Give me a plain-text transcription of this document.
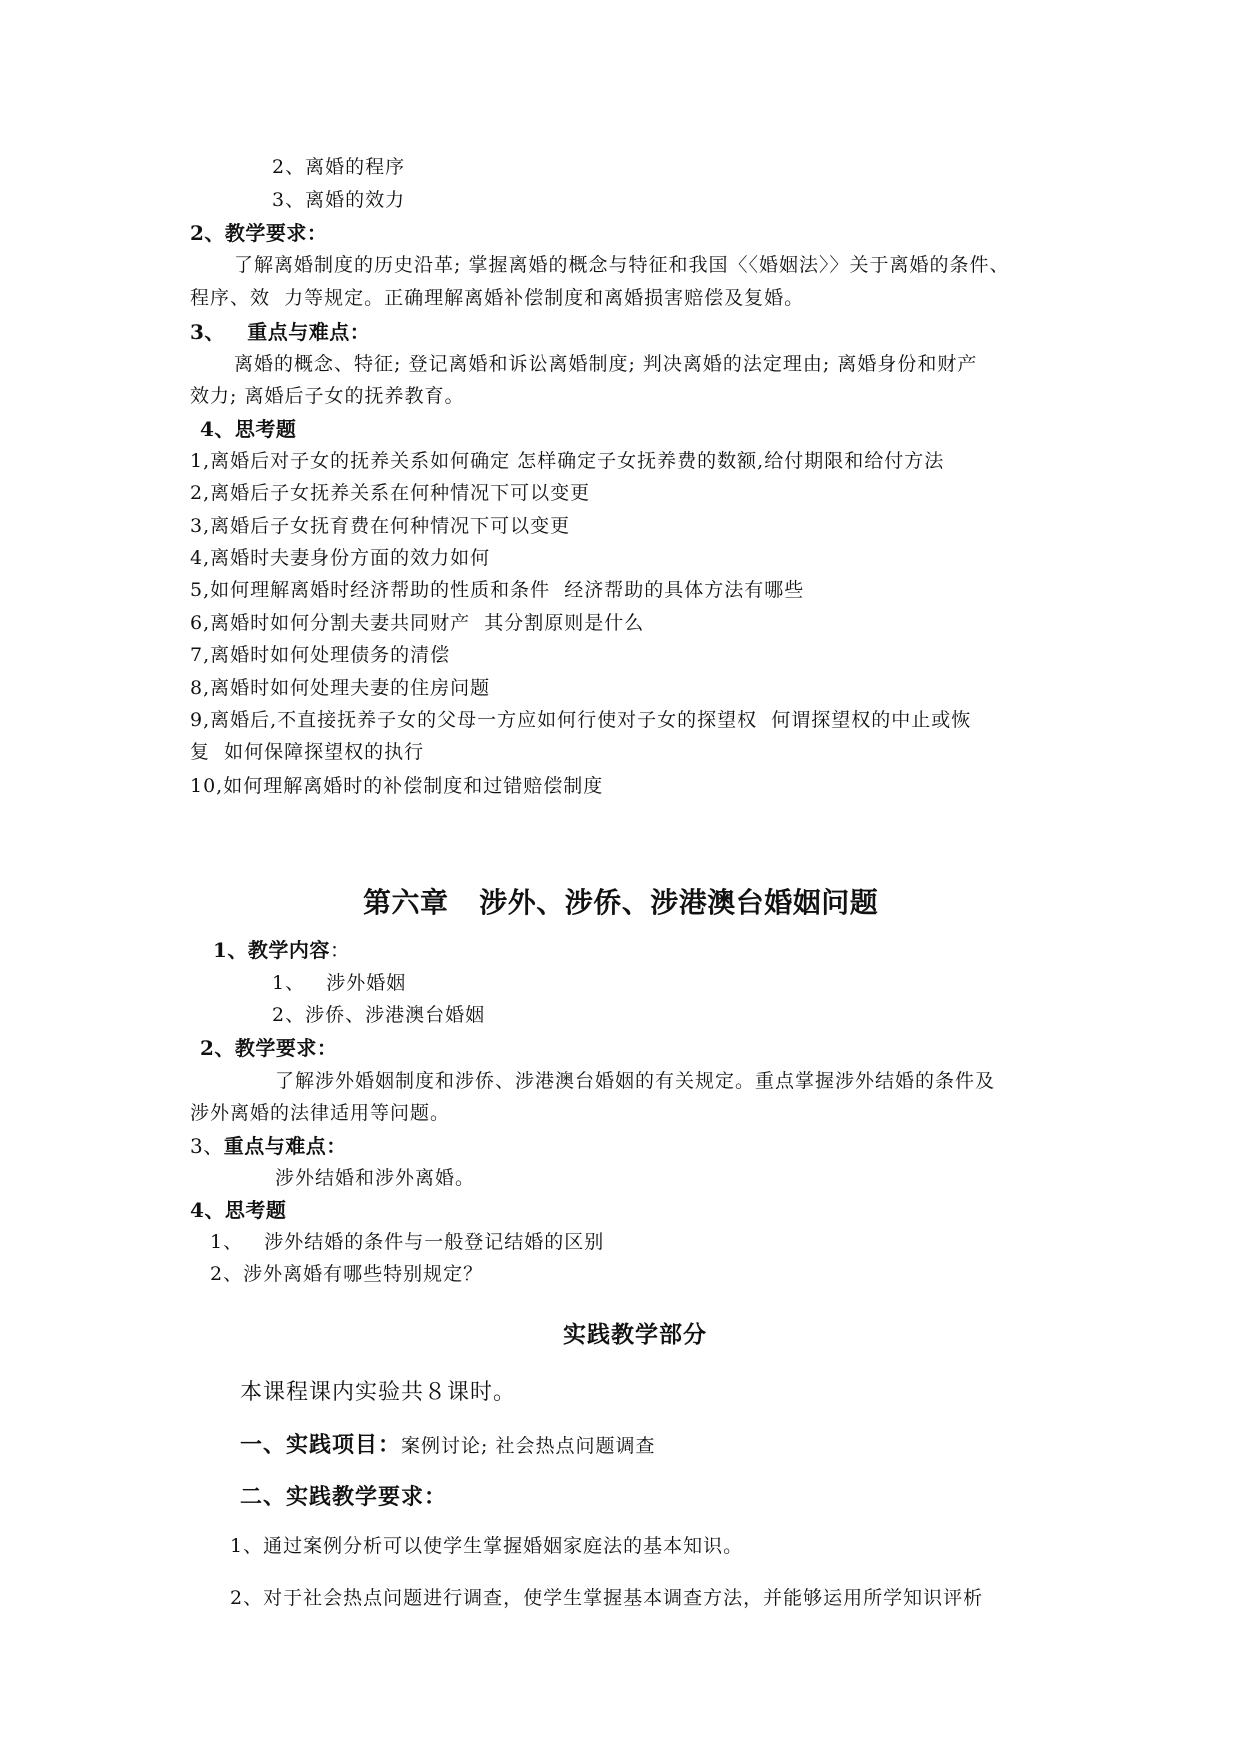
2、离婚的程序
3、离婚的效力
2、教学要求：
了解离婚制度的历史沿革; 掌握离婚的概念与特征和我国〈〈婚姻法〉〉关于离婚的条件、
程序、效  力等规定。正确理解离婚补偿制度和离婚损害赔偿及复婚。
3、   重点与难点：
离婚的概念、特征; 登记离婚和诉讼离婚制度; 判决离婚的法定理由; 离婚身份和财产
效力; 离婚后子女的抚养教育。
4、思考题
1,离婚后对子女的抚养关系如何确定 怎样确定子女抚养费的数额,给付期限和给付方法
2,离婚后子女抚养关系在何种情况下可以变更
3,离婚后子女抚育费在何种情况下可以变更
4,离婚时夫妻身份方面的效力如何
5,如何理解离婚时经济帮助的性质和条件  经济帮助的具体方法有哪些
6,离婚时如何分割夫妻共同财产  其分割原则是什么
7,离婚时如何处理债务的清偿
8,离婚时如何处理夫妻的住房问题
9,离婚后,不直接抚养子女的父母一方应如何行使对子女的探望权  何谓探望权的中止或恢
复  如何保障探望权的执行
10,如何理解离婚时的补偿制度和过错赔偿制度
第六章   涉外、涉侨、涉港澳台婚姻问题
1、教学内容：
1、   涉外婚姻
2、涉侨、涉港澳台婚姻
2、教学要求：
了解涉外婚姻制度和涉侨、涉港澳台婚姻的有关规定。重点掌握涉外结婚的条件及
涉外离婚的法律适用等问题。
3、重点与难点：
涉外结婚和涉外离婚。
4、思考题
1、   涉外结婚的条件与一般登记结婚的区别
2、涉外离婚有哪些特别规定？
实践教学部分
本课程课内实验共８课时。
一、实践项目：案例讨论; 社会热点问题调查
二、实践教学要求：
1、通过案例分析可以使学生掌握婚姻家庭法的基本知识。
2、对于社会热点问题进行调查，使学生掌握基本调查方法，并能够运用所学知识评析
